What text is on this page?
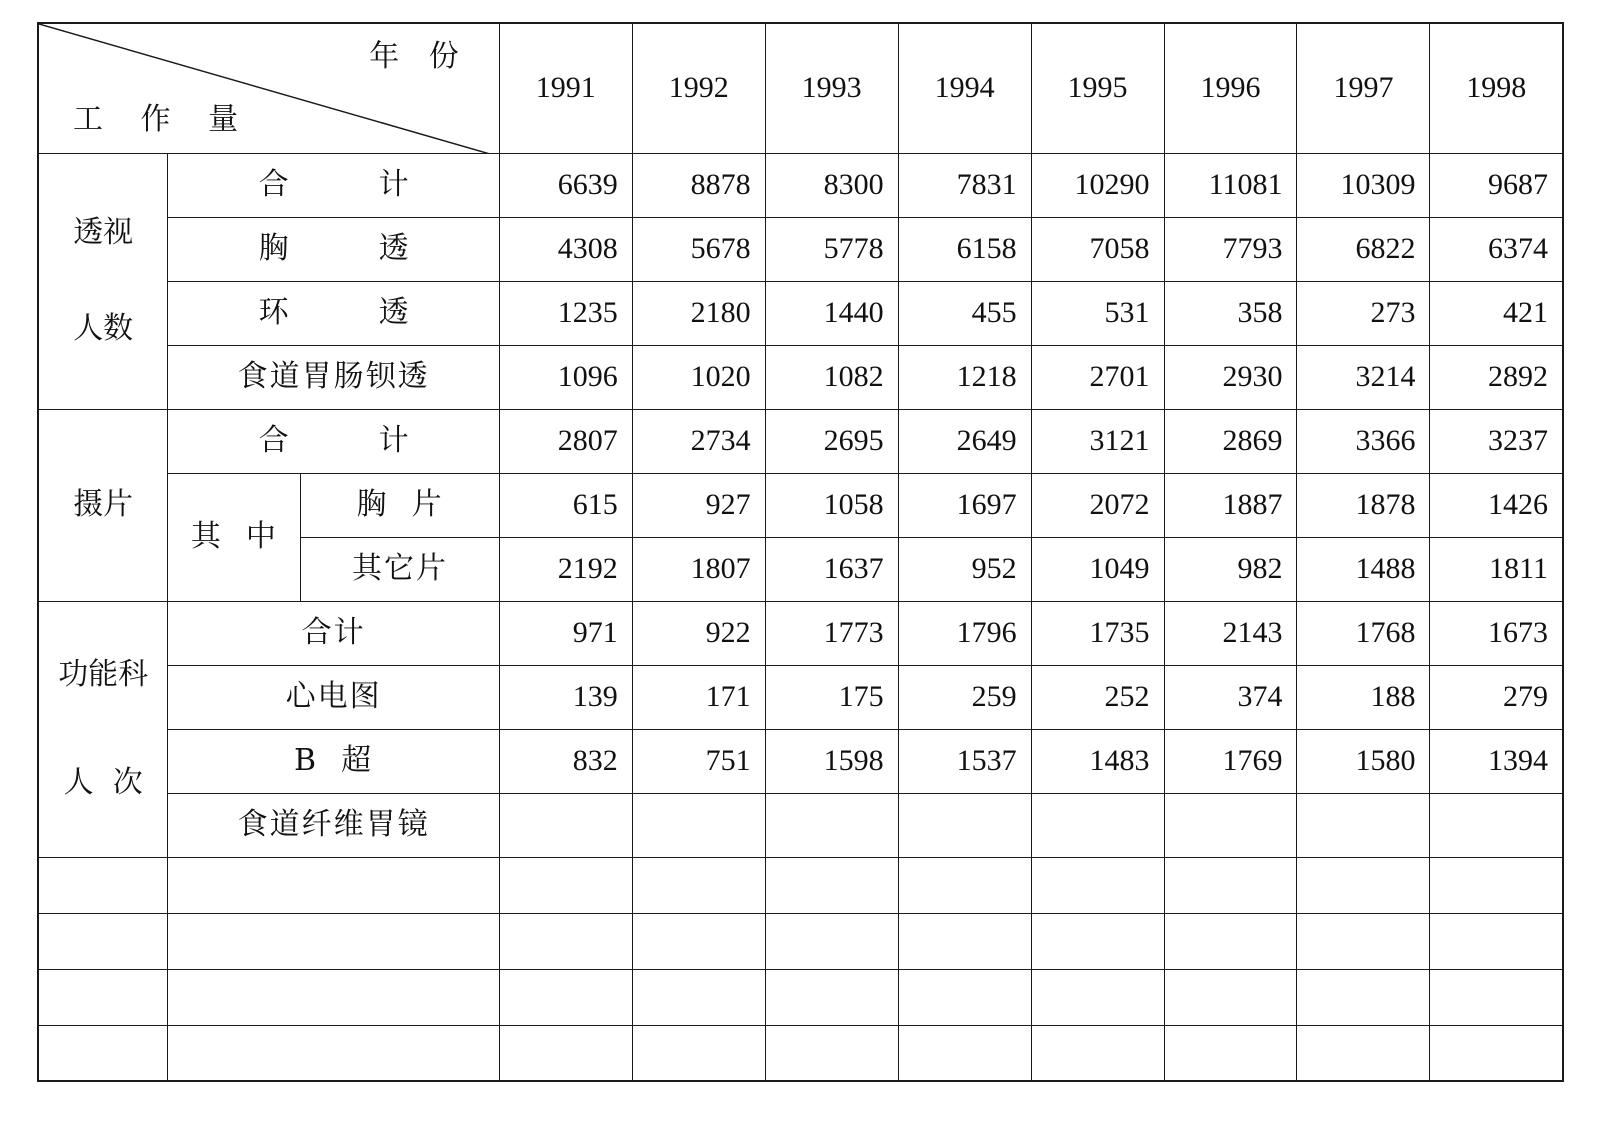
年 份
工 作 量			1991	1992	1993	1994	1995	1996	1997	1998

透视
人数	合 计		6639	8878	8300	7831	10290	11081	10309	9687
	胸 透		4308	5678	5778	6158	7058	7793	6822	6374
	环 透		1235	2180	1440	455	531	358	273	421
	食道胃肠钡透		1096	1020	1082	1218	2701	2930	3214	2892
摄片	合 计		2807	2734	2695	2649	3121	2869	3366	3237
	其  中	胸  片	615	927	1058	1697	2072	1887	1878	1426
		其它片	2192	1807	1637	952	1049	982	1488	1811

功能科
人  次	合计		971	922	1773	1796	1735	2143	1768	1673
	心电图		139	171	175	259	252	374	188	279
	B  超		832	751	1598	1537	1483	1769	1580	1394
	食道纤维胃镜									
